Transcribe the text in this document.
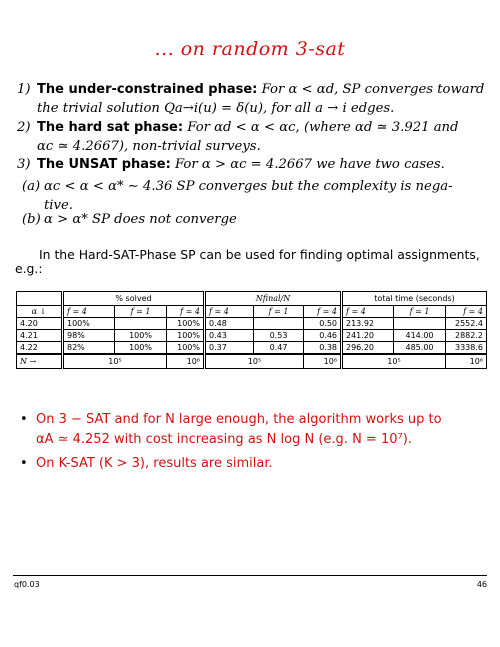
... on random 3-sat
1) The under-constrained phase: For α < αd, SP converges toward
the trivial solution Qa→i(u) = δ(u), for all a → i edges.
2) The hard sat phase: For αd < α < αc, (where αd ≃ 3.921 and
αc ≃ 4.2667), non-trivial surveys.
3) The UNSAT phase: For α > αc = 4.2667 we have two cases.
(a) αc < α < α* ∼ 4.36 SP converges but the complexity is nega-
tive.
(b) α > α* SP does not converge
In the Hard-SAT-Phase SP can be used for finding optimal assignments,
e.g.:
	% solved			Nfinal/N			total time (seconds)		
α ↓	f = 4	f = 1	f = 4	f = 4	f = 1	f = 4	f = 4	f = 1	f = 4
4.20	100%		100%	0.48		0.50	213.92		2552.4
4.21	98%	100%	100%	0.43	0.53	0.46	241.20	414.00	2882.2
4.22	82%	100%	100%	0.37	0.47	0.38	296.20	485.00	3338.6
N →	10⁵		10⁶	10⁵		10⁶	10⁵		10⁶
• On 3 − SAT and for N large enough, the algorithm works up to
αA ≃ 4.252 with cost increasing as N log N (e.g. N = 10⁷).
• On K-SAT (K > 3), results are similar.
qf0.03	46
